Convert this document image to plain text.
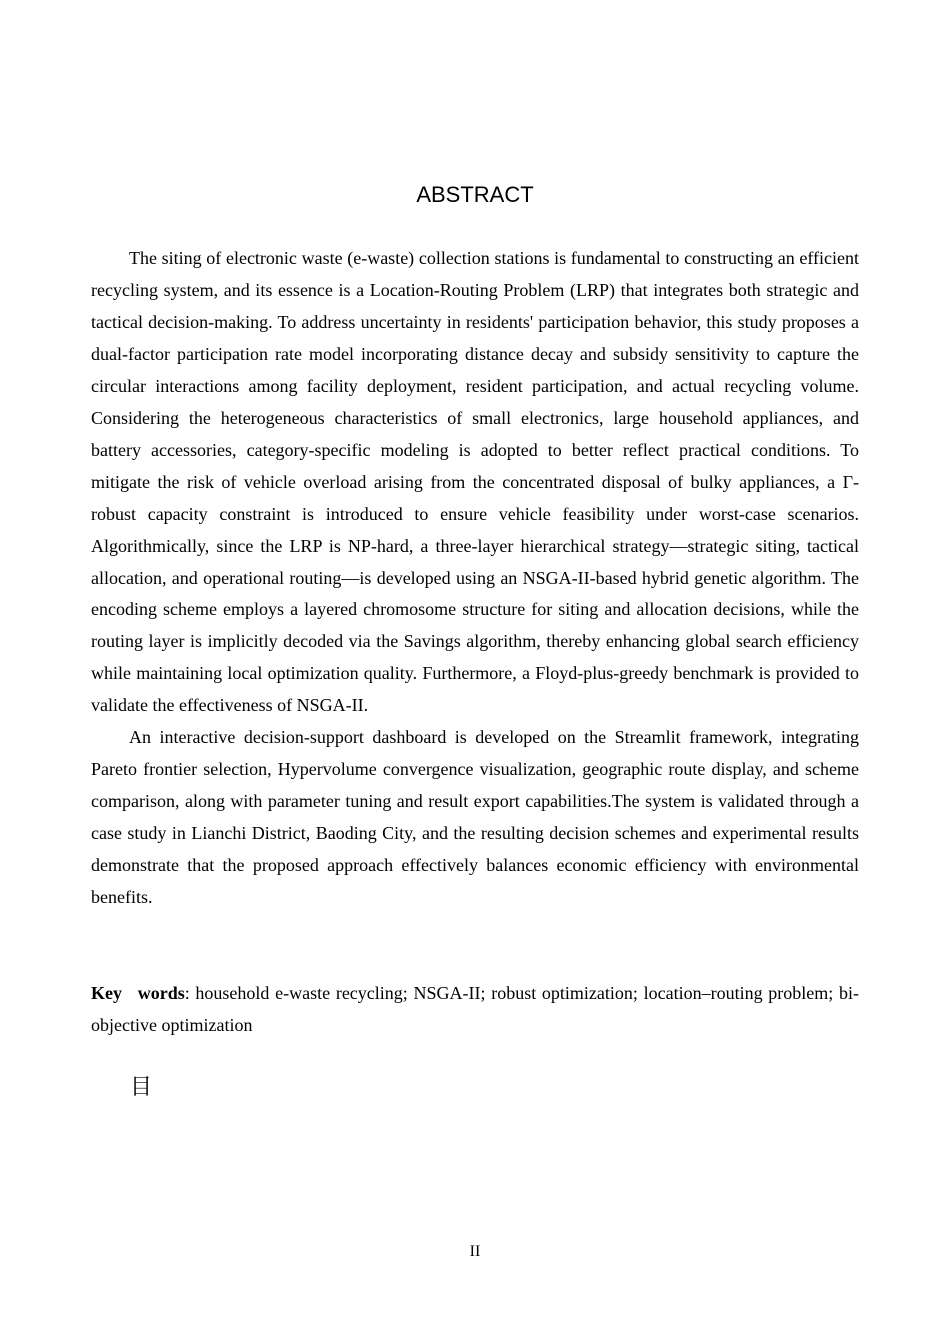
ABSTRACT

The siting of electronic waste (e-waste) collection stations is fundamental to constructing an efficient recycling system, and its essence is a Location-Routing Problem (LRP) that integrates both strategic and tactical decision-making. To address uncertainty in residents' participation behavior, this study proposes a dual-factor participation rate model incorporating distance decay and subsidy sensitivity to capture the circular interactions among facility deployment, resident participation, and actual recycling volume. Considering the heterogeneous characteristics of small electronics, large household appliances, and battery accessories, category-specific modeling is adopted to better reflect practical conditions. To mitigate the risk of vehicle overload arising from the concentrated disposal of bulky appliances, a Γ-robust capacity constraint is introduced to ensure vehicle feasibility under worst-case scenarios. Algorithmically, since the LRP is NP-hard, a three-layer hierarchical strategy—strategic siting, tactical allocation, and operational routing—is developed using an NSGA-II-based hybrid genetic algorithm. The encoding scheme employs a layered chromosome structure for siting and allocation decisions, while the routing layer is implicitly decoded via the Savings algorithm, thereby enhancing global search efficiency while maintaining local optimization quality. Furthermore, a Floyd-plus-greedy benchmark is provided to validate the effectiveness of NSGA-II.

An interactive decision-support dashboard is developed on the Streamlit framework, integrating Pareto frontier selection, Hypervolume convergence visualization, geographic route display, and scheme comparison, along with parameter tuning and result export capabilities.The system is validated through a case study in Lianchi District, Baoding City, and the resulting decision schemes and experimental results demonstrate that the proposed approach effectively balances economic efficiency with environmental benefits.

Key words: household e-waste recycling; NSGA-II; robust optimization; location–routing problem; bi-objective optimization

目
II
